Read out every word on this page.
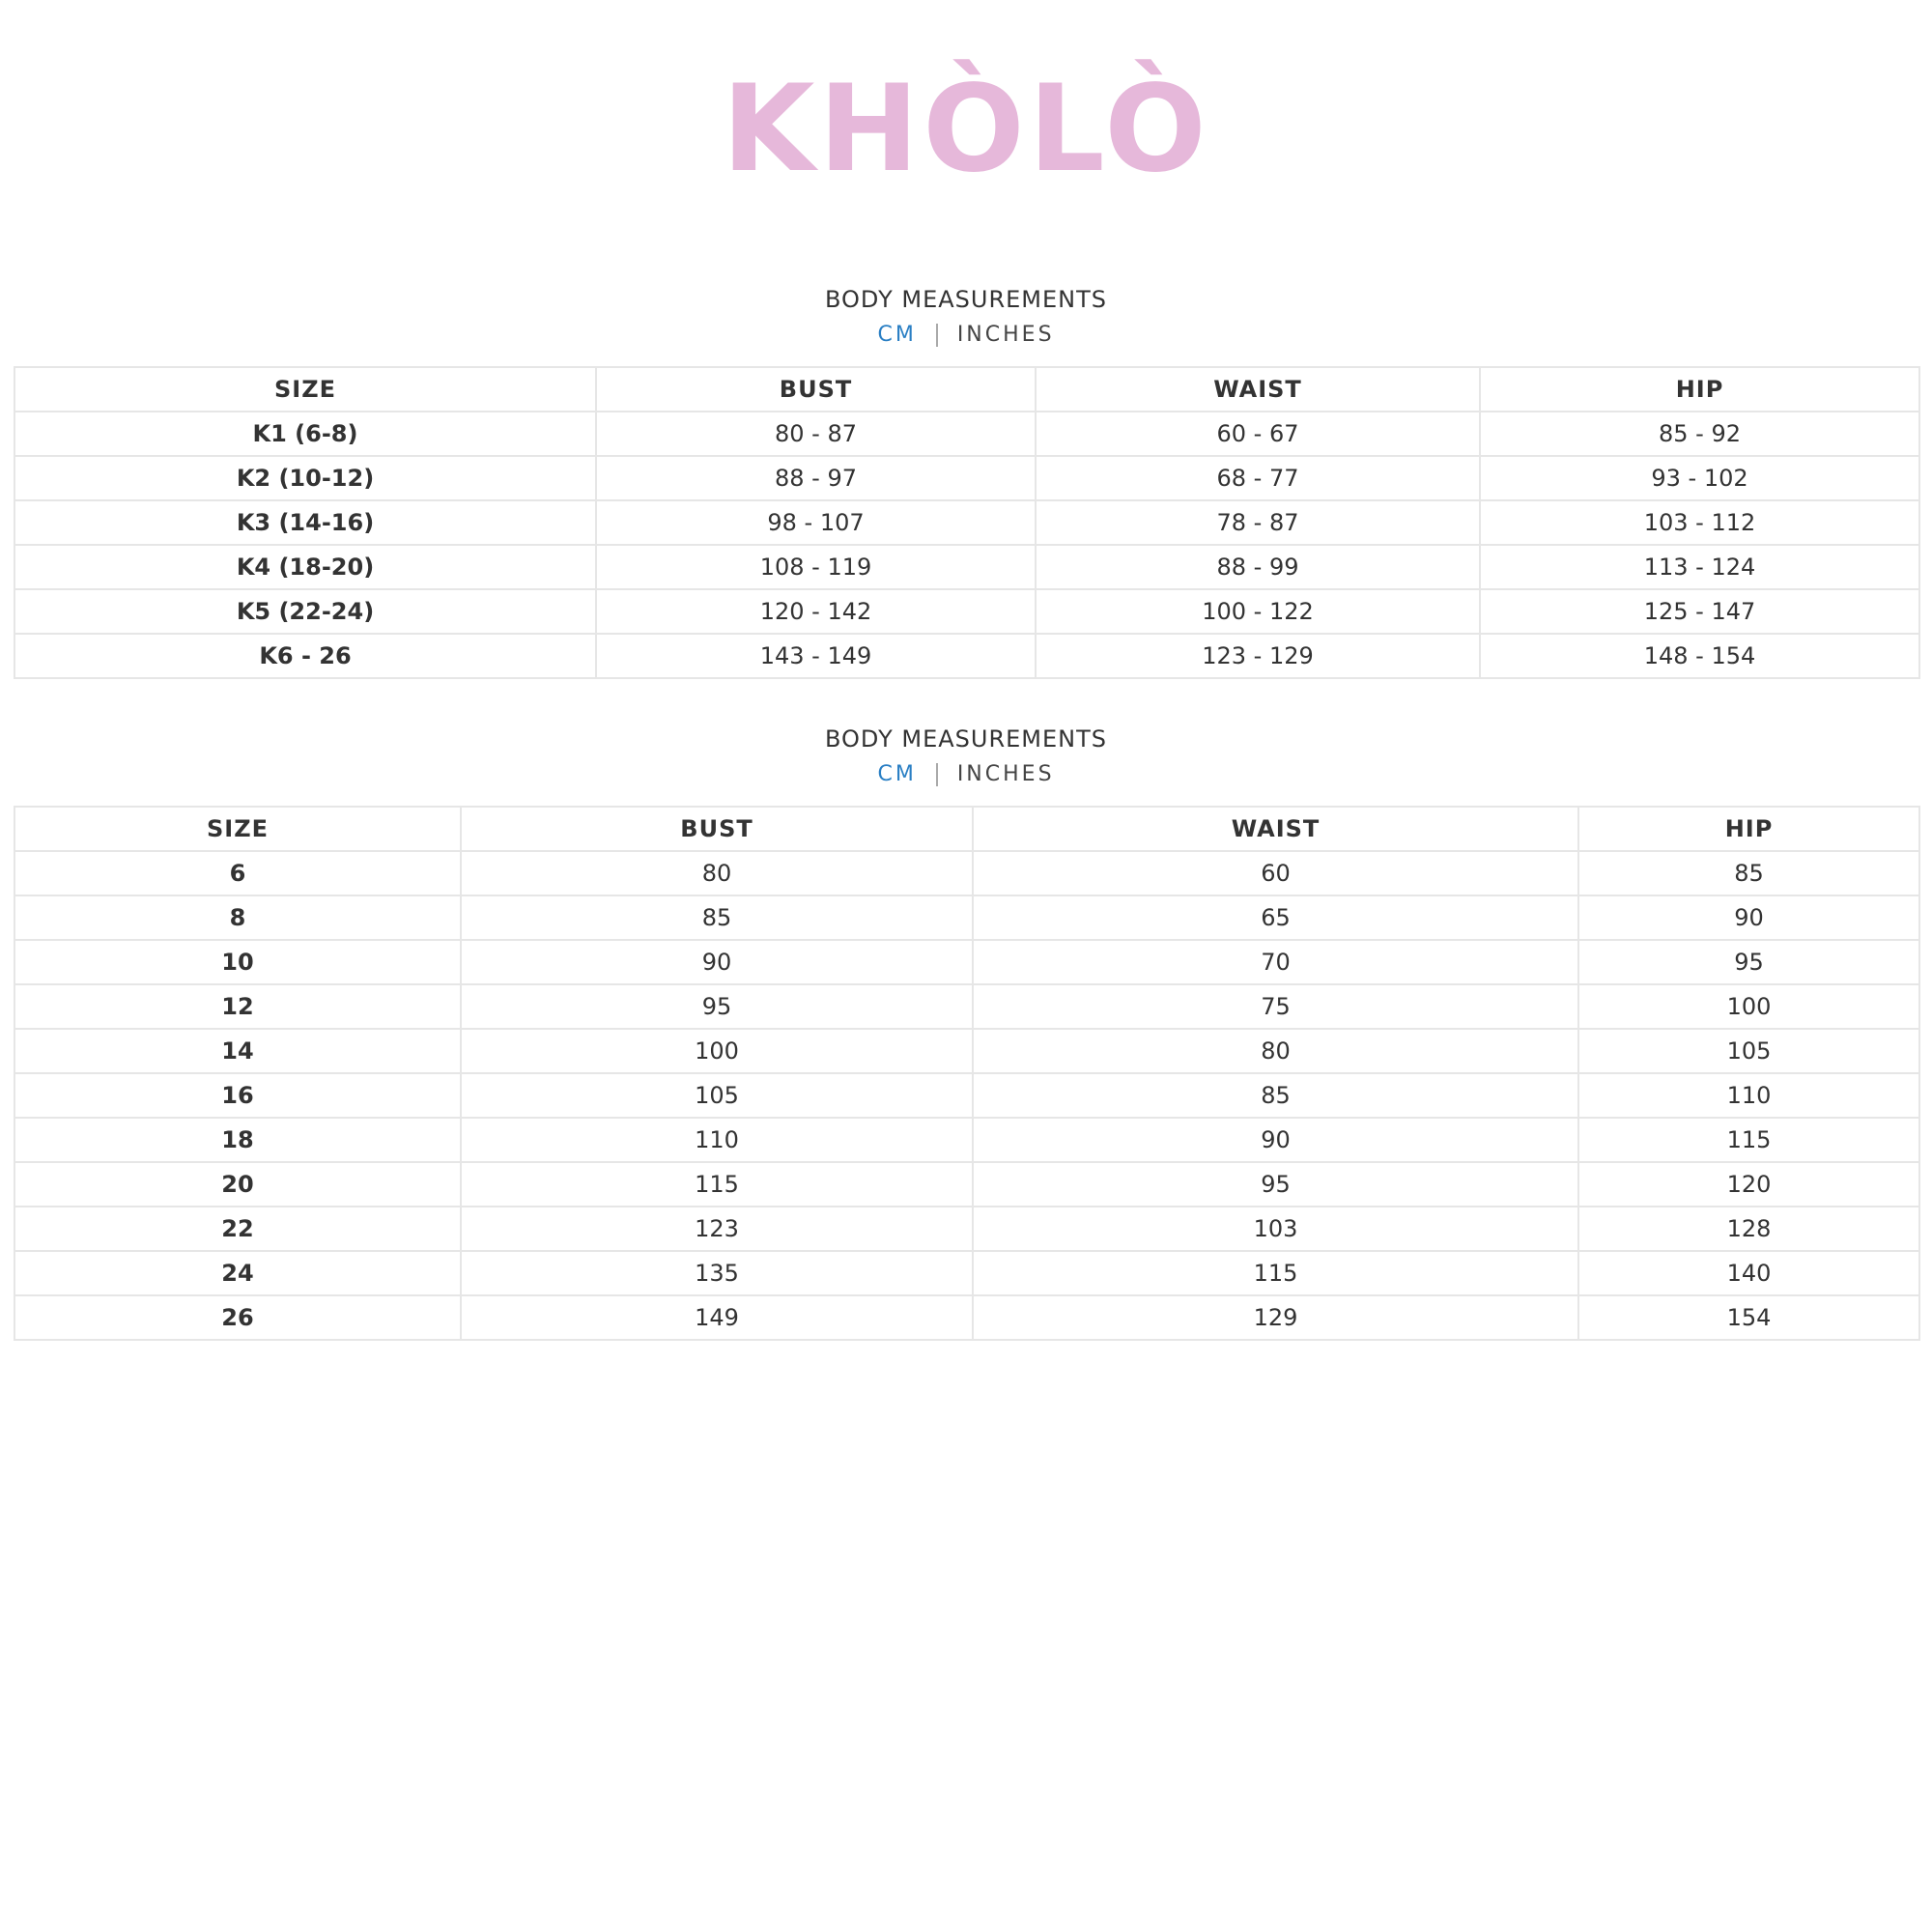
KHÒLÒ
BODY MEASUREMENTS
CM INCHES
SIZE	BUST	WAIST	HIP
K1 (6-8)	80 - 87	60 - 67	85 - 92
K2 (10-12)	88 - 97	68 - 77	93 - 102
K3 (14-16)	98 - 107	78 - 87	103 - 112
K4 (18-20)	108 - 119	88 - 99	113 - 124
K5 (22-24)	120 - 142	100 - 122	125 - 147
K6 - 26	143 - 149	123 - 129	148 - 154
BODY MEASUREMENTS
CM INCHES
SIZE	BUST	WAIST	HIP
6	80	60	85
8	85	65	90
10	90	70	95
12	95	75	100
14	100	80	105
16	105	85	110
18	110	90	115
20	115	95	120
22	123	103	128
24	135	115	140
26	149	129	154
